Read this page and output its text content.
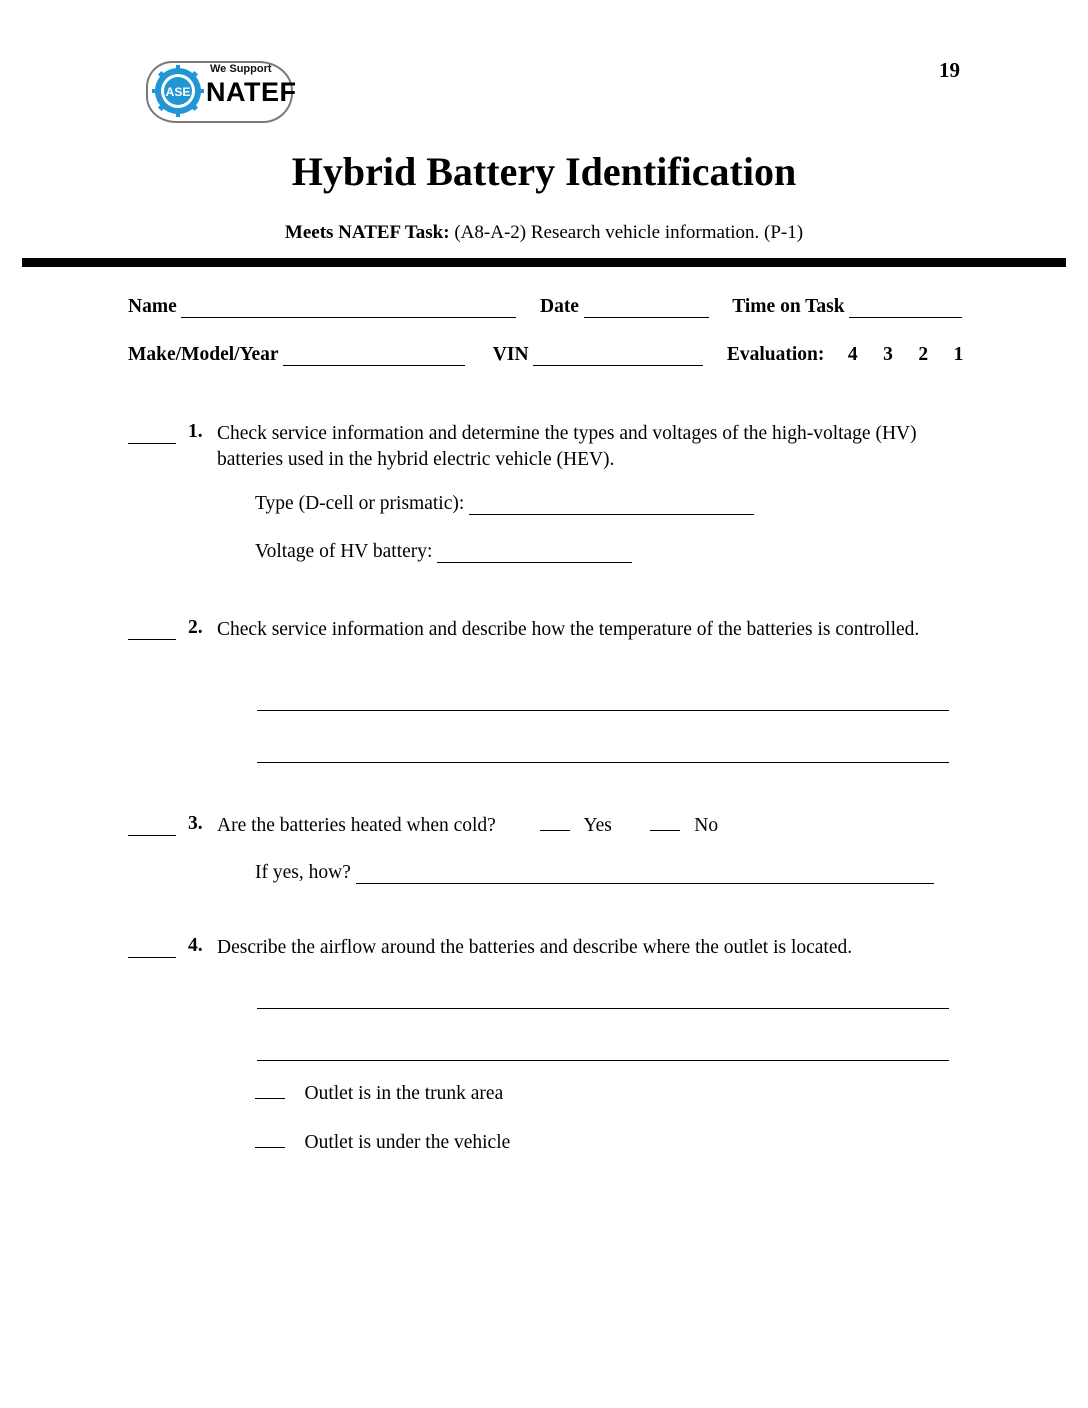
19
ASE
We Support
NATEF
Hybrid Battery Identification
Meets NATEF Task: (A8-A-2) Research vehicle information. (P-1)
Name	Date	Time on Task
Make/Model/Year	VIN	Evaluation: 4 3 2 1
1. Check service information and determine the types and voltages of the high-voltage (HV) batteries used in the hybrid electric vehicle (HEV).
Type (D-cell or prismatic):
Voltage of HV battery:
2. Check service information and describe how the temperature of the batteries is controlled.
3. Are the batteries heated when cold?	Yes	No
If yes, how?
4. Describe the airflow around the batteries and describe where the outlet is located.
Outlet is in the trunk area
Outlet is under the vehicle
